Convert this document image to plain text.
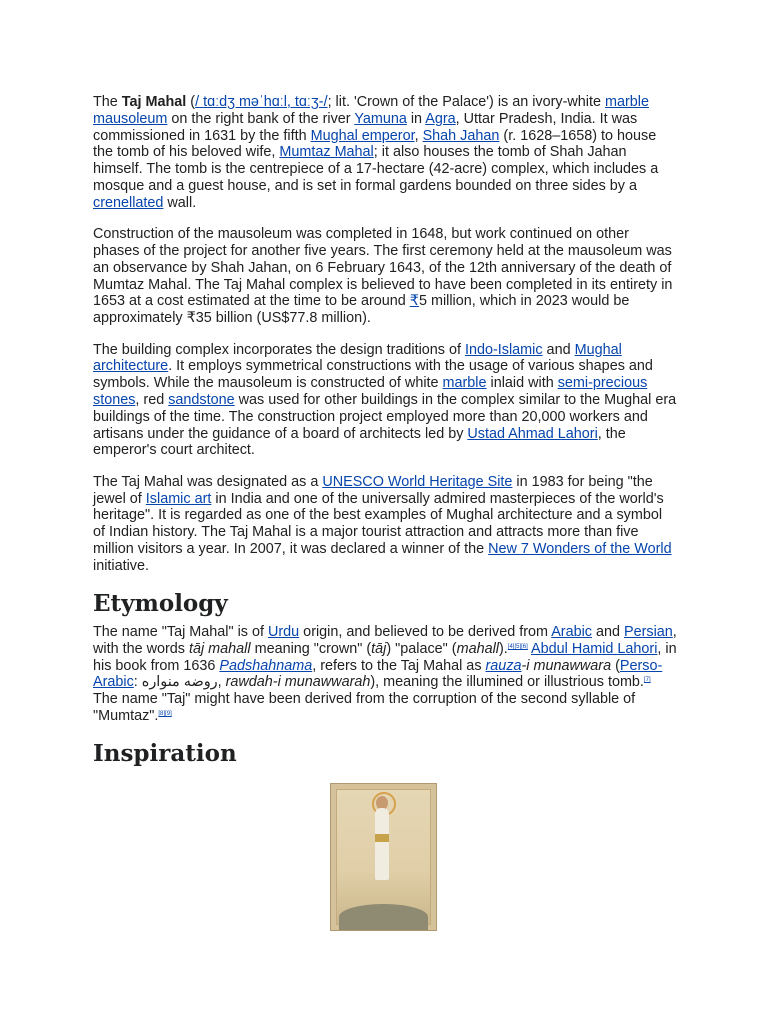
The Taj Mahal (/ tɑːdʒ məˈhɑːl, tɑːʒ-/; lit. 'Crown of the Palace') is an ivory-white marble mausoleum on the right bank of the river Yamuna in Agra, Uttar Pradesh, India. It was commissioned in 1631 by the fifth Mughal emperor, Shah Jahan (r. 1628–1658) to house the tomb of his beloved wife, Mumtaz Mahal; it also houses the tomb of Shah Jahan himself. The tomb is the centrepiece of a 17-hectare (42-acre) complex, which includes a mosque and a guest house, and is set in formal gardens bounded on three sides by a crenellated wall.

Construction of the mausoleum was completed in 1648, but work continued on other phases of the project for another five years. The first ceremony held at the mausoleum was an observance by Shah Jahan, on 6 February 1643, of the 12th anniversary of the death of Mumtaz Mahal. The Taj Mahal complex is believed to have been completed in its entirety in 1653 at a cost estimated at the time to be around ₹5 million, which in 2023 would be approximately ₹35 billion (US$77.8 million).

The building complex incorporates the design traditions of Indo-Islamic and Mughal architecture. It employs symmetrical constructions with the usage of various shapes and symbols. While the mausoleum is constructed of white marble inlaid with semi-precious stones, red sandstone was used for other buildings in the complex similar to the Mughal era buildings of the time. The construction project employed more than 20,000 workers and artisans under the guidance of a board of architects led by Ustad Ahmad Lahori, the emperor's court architect.

The Taj Mahal was designated as a UNESCO World Heritage Site in 1983 for being "the jewel of Islamic art in India and one of the universally admired masterpieces of the world's heritage". It is regarded as one of the best examples of Mughal architecture and a symbol of Indian history. The Taj Mahal is a major tourist attraction and attracts more than five million visitors a year. In 2007, it was declared a winner of the New 7 Wonders of the World initiative.

Etymology

The name "Taj Mahal" is of Urdu origin, and believed to be derived from Arabic and Persian, with the words tāj mahall meaning "crown" (tāj) "palace" (mahall).[4][5][6] Abdul Hamid Lahori, in his book from 1636 Padshahnama, refers to the Taj Mahal as rauza-i munawwara (Perso-Arabic: روضه منواره, rawdah-i munawwarah), meaning the illumined or illustrious tomb.[7] The name "Taj" might have been derived from the corruption of the second syllable of "Mumtaz".[8][9]

Inspiration
